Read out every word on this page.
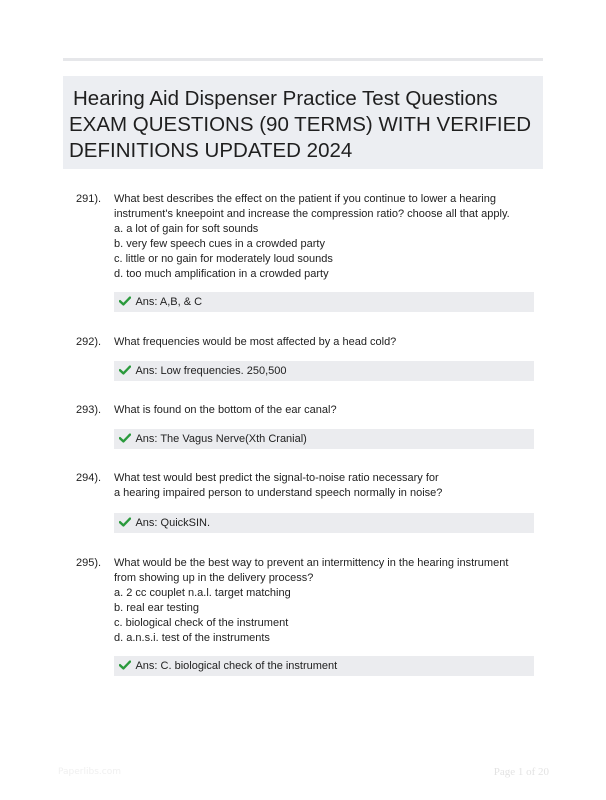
Hearing Aid Dispenser Practice Test Questions
EXAM QUESTIONS (90 TERMS) WITH VERIFIED
DEFINITIONS UPDATED 2024
291). What best describes the effect on the patient if you continue to lower a hearing
instrument's kneepoint and increase the compression ratio? choose all that apply.
a. a lot of gain for soft sounds
b. very few speech cues in a crowded party
c. little or no gain for moderately loud sounds
d. too much amplification in a crowded party
Ans: A,B, & C
292). What frequencies would be most affected by a head cold?
Ans: Low frequencies. 250,500
293). What is found on the bottom of the ear canal?
Ans: The Vagus Nerve(Xth Cranial)
294). What test would best predict the signal-to-noise ratio necessary for
a hearing impaired person to understand speech normally in noise?
Ans: QuickSIN.
295). What would be the best way to prevent an intermittency in the hearing instrument
from showing up in the delivery process?
a. 2 cc couplet n.a.l. target matching
b. real ear testing
c. biological check of the instrument
d. a.n.s.i. test of the instruments
Ans: C. biological check of the instrument
Paperlibs.com	Page 1 of 20
